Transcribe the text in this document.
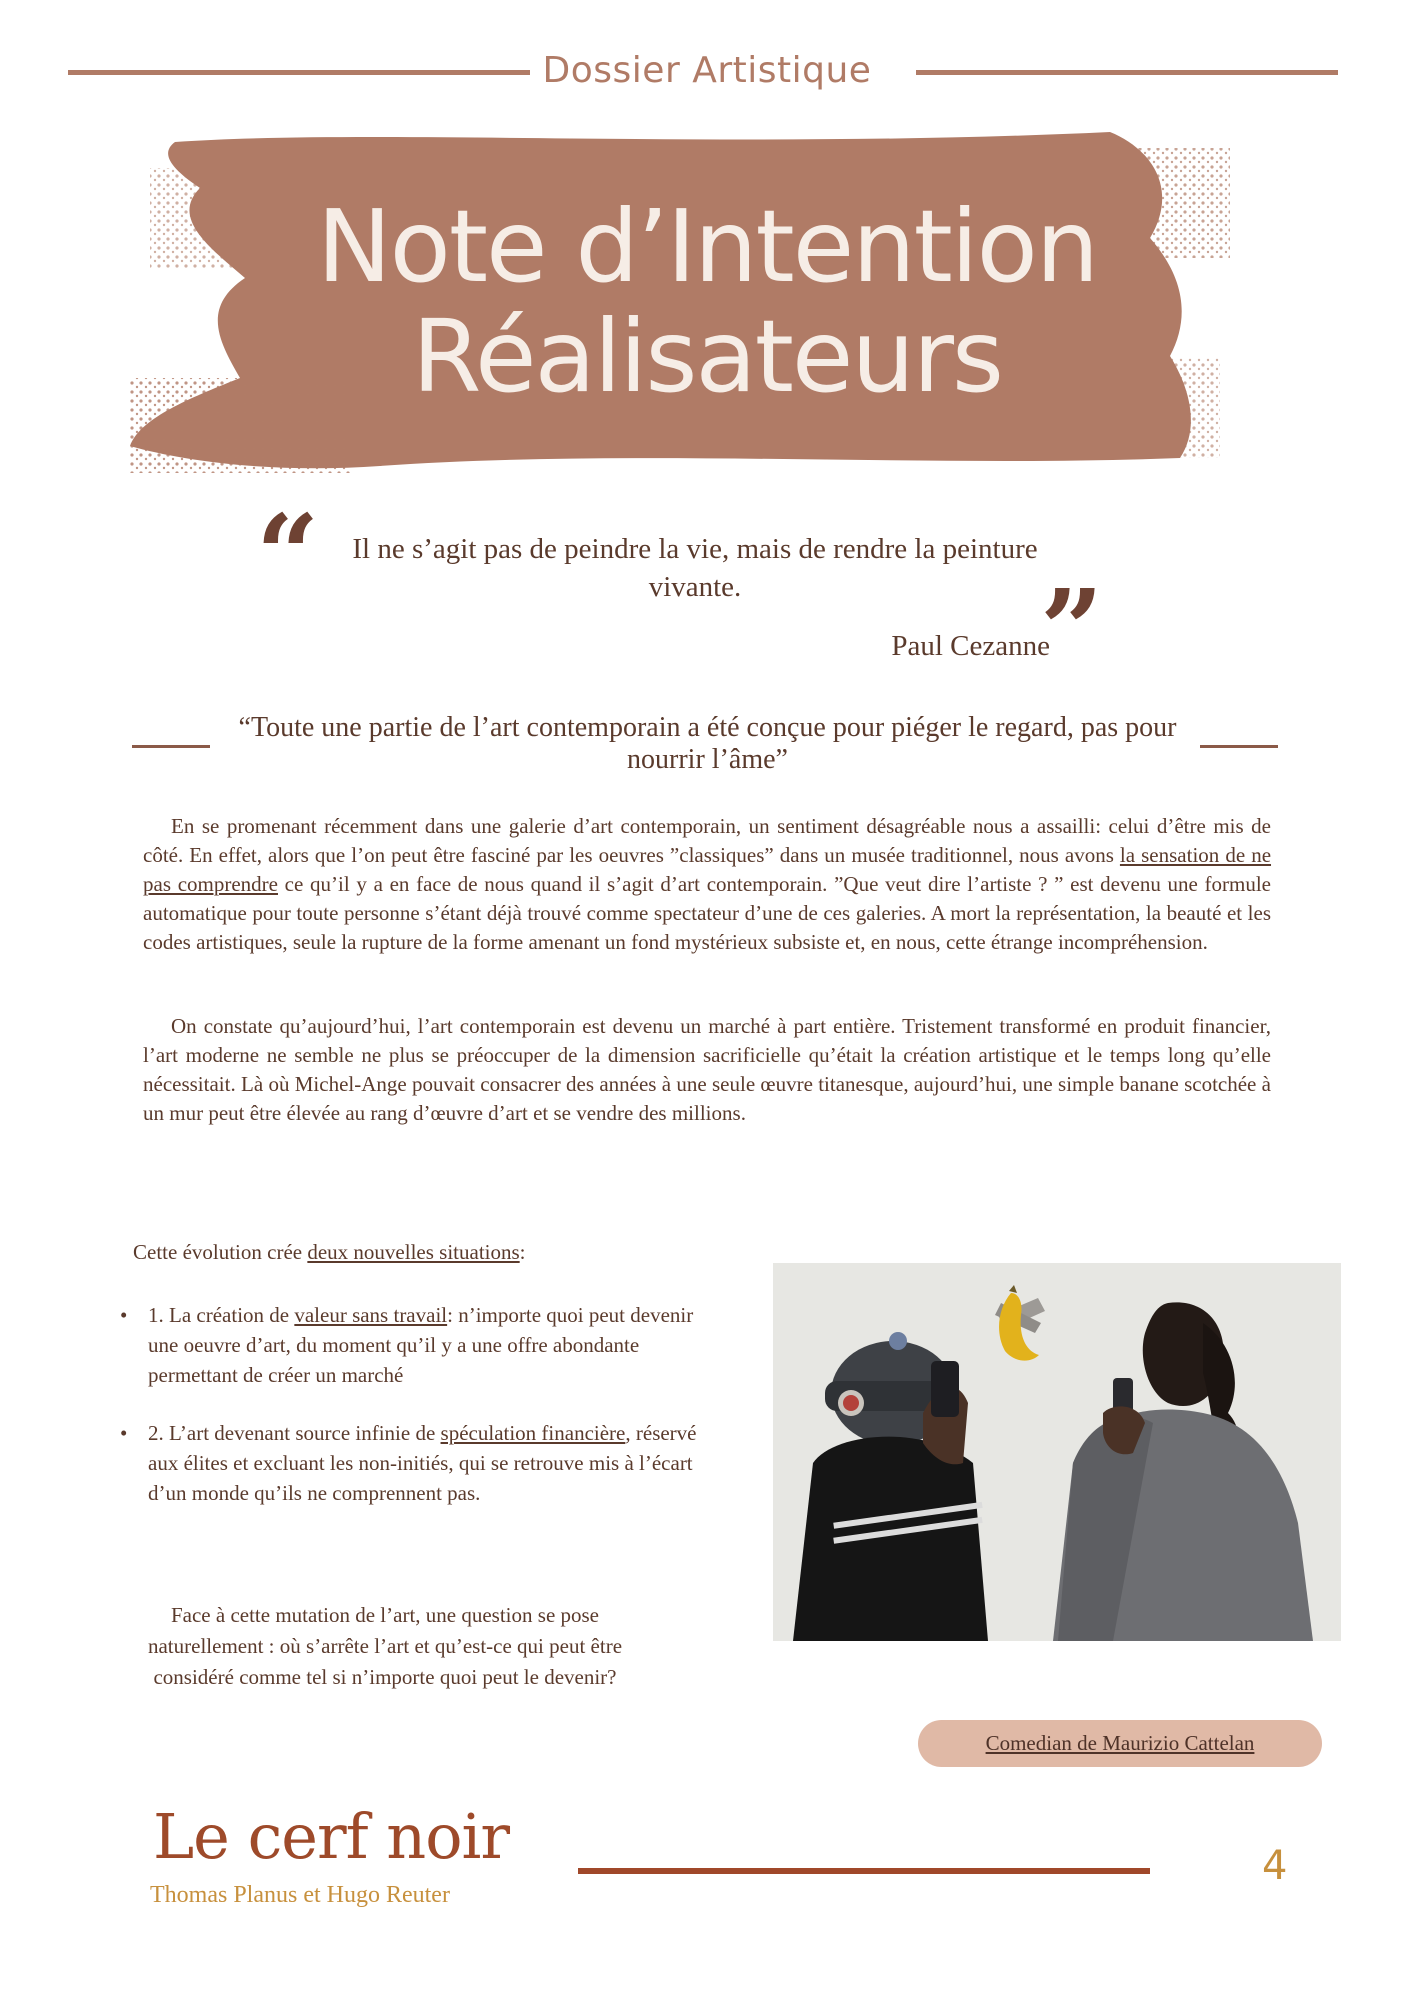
Dossier Artistique
Note d’Intention
Réalisateurs
“	Il ne s’agit pas de peindre la vie, mais de rendre la peinture vivante.	”
Paul Cezanne
“Toute une partie de l’art contemporain a été conçue pour piéger le regard, pas pour nourrir l’âme”
En se promenant récemment dans une galerie d’art contemporain, un sentiment désagréable nous a assailli: celui d’être mis de côté. En effet, alors que l’on peut être fasciné par les oeuvres ”classiques” dans un musée traditionnel, nous avons la sensation de ne pas comprendre ce qu’il y a en face de nous quand il s’agit d’art contemporain. ”Que veut dire l’artiste ? ” est devenu une formule automatique pour toute personne s’étant déjà trouvé comme spectateur d’une de ces galeries. A mort la représentation, la beauté et les codes artistiques, seule la rupture de la forme amenant un fond mystérieux subsiste et, en nous, cette étrange incompréhension.
On constate qu’aujourd’hui, l’art contemporain est devenu un marché à part entière. Tristement transformé en produit financier, l’art moderne ne semble ne plus se préoccuper de la dimension sacrificielle qu’était la création artistique et le temps long qu’elle nécessitait. Là où Michel-Ange pouvait consacrer des années à une seule œuvre titanesque, aujourd’hui, une simple banane scotchée à un mur peut être élevée au rang d’œuvre d’art et se vendre des millions.
Cette évolution crée deux nouvelles situations:
• 1. La création de valeur sans travail: n’importe quoi peut devenir une oeuvre d’art, du moment qu’il y a une offre abondante permettant de créer un marché
• 2. L’art devenant source infinie de spéculation financière, réservé aux élites et excluant les non-initiés, qui se retrouve mis à l’écart d’un monde qu’ils ne comprennent pas.
Face à cette mutation de l’art, une question se pose naturellement : où s’arrête l’art et qu’est-ce qui peut être considéré comme tel si n’importe quoi peut le devenir?
Comedian de Maurizio Cattelan
Le cerf noir
Thomas Planus et Hugo Reuter
4
